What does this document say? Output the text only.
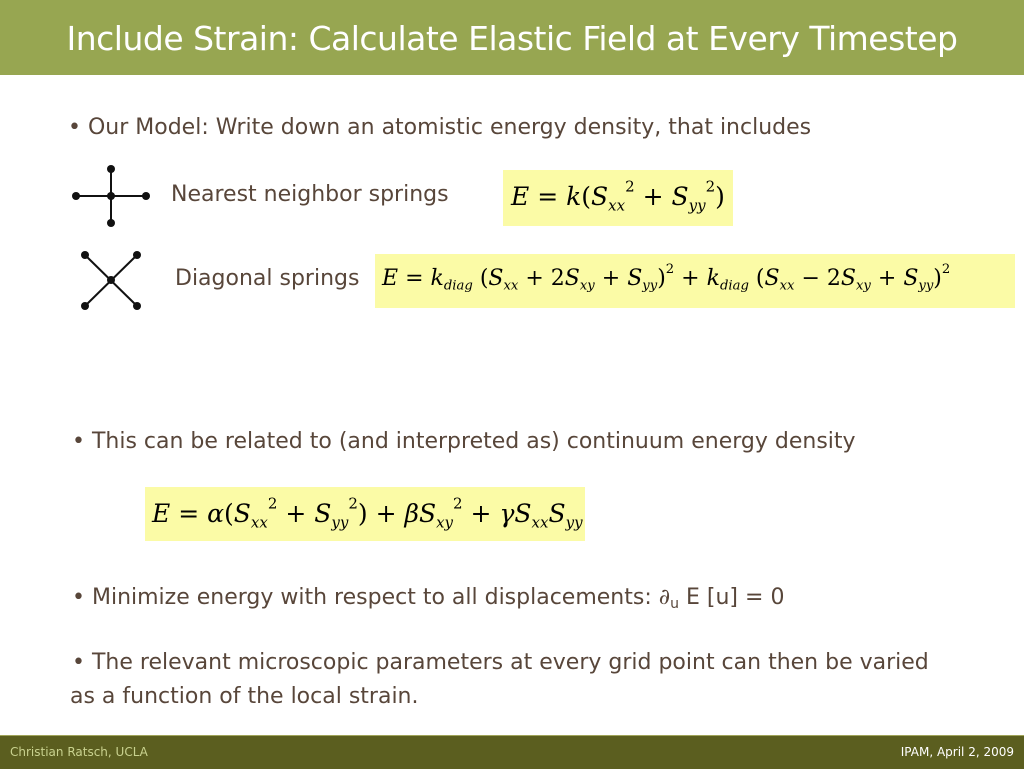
Include Strain: Calculate Elastic Field at Every Timestep
• Our Model: Write down an atomistic energy density, that includes
Nearest neighbor springs $E = k(S_{xx}^2 + S_{yy}^2)$
Diagonal springs $E = k_{diag}$ $(S_{xx} + 2S_{xy} + S_{yy})^2 + k_{diag}$ $(S_{xx} - 2S_{xy} + S_{yy})^2$
• This can be related to (and interpreted as) continuum energy density
$E = \alpha(S_{xx}^2 + S_{yy}^2) + \beta S_{xy}^2 + \gamma S_{xx}S_{yy}$
• Minimize energy with respect to all displacements: ∂u E [u] = 0
• The relevant microscopic parameters at every grid point can then be varied
as a function of the local strain.
Christian Ratsch, UCLA	IPAM, April 2, 2009
